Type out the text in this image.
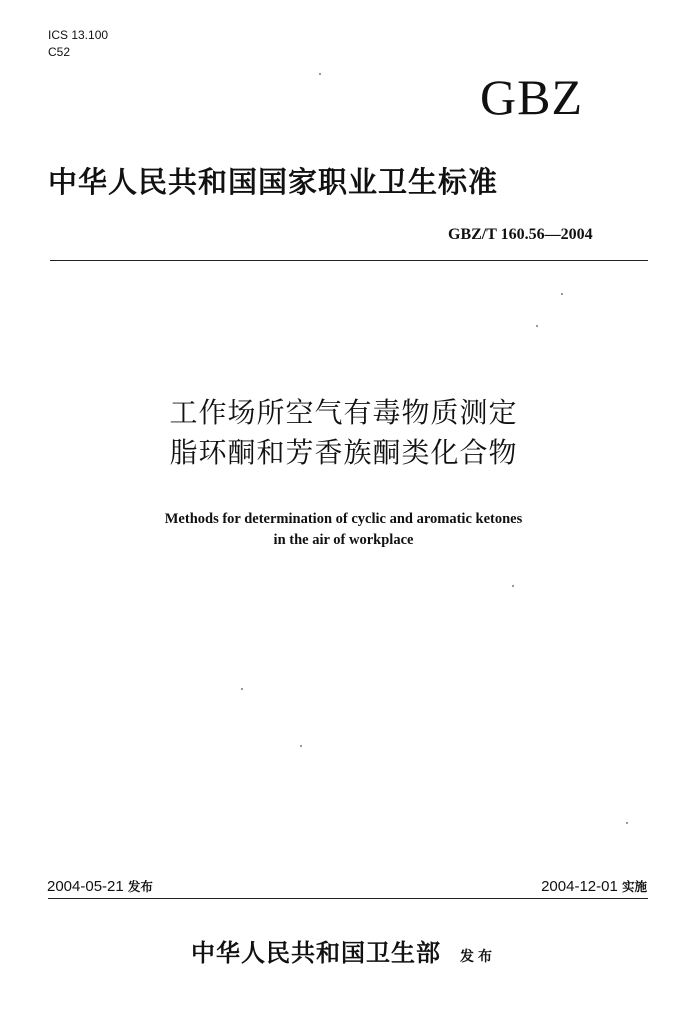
ICS 13.100
C52
GBZ
中华人民共和国国家职业卫生标准
GBZ/T 160.56—2004
工作场所空气有毒物质测定
脂环酮和芳香族酮类化合物
Methods for determination of cyclic and aromatic ketones
in the air of workplace
2004-05-21 发布	2004-12-01 实施
中华人民共和国卫生部 发布
